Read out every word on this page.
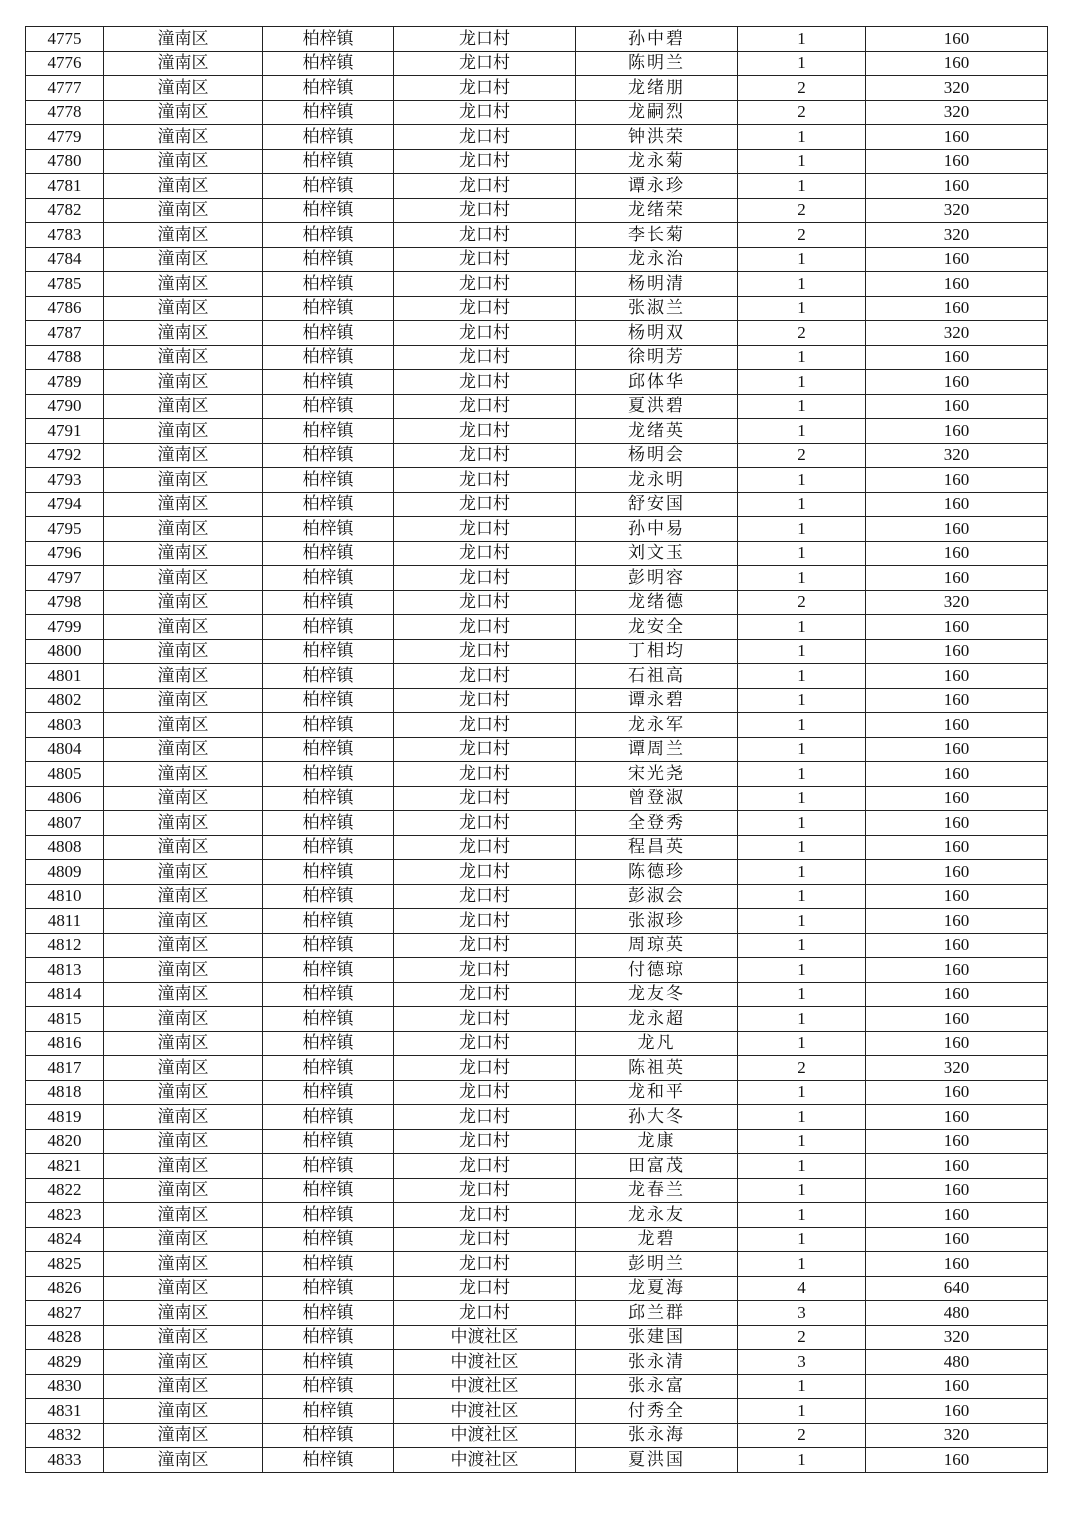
4775	潼南区	柏梓镇	龙口村	孙中碧	1	160
4776	潼南区	柏梓镇	龙口村	陈明兰	1	160
4777	潼南区	柏梓镇	龙口村	龙绪朋	2	320
4778	潼南区	柏梓镇	龙口村	龙嗣烈	2	320
4779	潼南区	柏梓镇	龙口村	钟洪荣	1	160
4780	潼南区	柏梓镇	龙口村	龙永菊	1	160
4781	潼南区	柏梓镇	龙口村	谭永珍	1	160
4782	潼南区	柏梓镇	龙口村	龙绪荣	2	320
4783	潼南区	柏梓镇	龙口村	李长菊	2	320
4784	潼南区	柏梓镇	龙口村	龙永治	1	160
4785	潼南区	柏梓镇	龙口村	杨明清	1	160
4786	潼南区	柏梓镇	龙口村	张淑兰	1	160
4787	潼南区	柏梓镇	龙口村	杨明双	2	320
4788	潼南区	柏梓镇	龙口村	徐明芳	1	160
4789	潼南区	柏梓镇	龙口村	邱体华	1	160
4790	潼南区	柏梓镇	龙口村	夏洪碧	1	160
4791	潼南区	柏梓镇	龙口村	龙绪英	1	160
4792	潼南区	柏梓镇	龙口村	杨明会	2	320
4793	潼南区	柏梓镇	龙口村	龙永明	1	160
4794	潼南区	柏梓镇	龙口村	舒安国	1	160
4795	潼南区	柏梓镇	龙口村	孙中易	1	160
4796	潼南区	柏梓镇	龙口村	刘文玉	1	160
4797	潼南区	柏梓镇	龙口村	彭明容	1	160
4798	潼南区	柏梓镇	龙口村	龙绪德	2	320
4799	潼南区	柏梓镇	龙口村	龙安全	1	160
4800	潼南区	柏梓镇	龙口村	丁相均	1	160
4801	潼南区	柏梓镇	龙口村	石祖高	1	160
4802	潼南区	柏梓镇	龙口村	谭永碧	1	160
4803	潼南区	柏梓镇	龙口村	龙永军	1	160
4804	潼南区	柏梓镇	龙口村	谭周兰	1	160
4805	潼南区	柏梓镇	龙口村	宋光尧	1	160
4806	潼南区	柏梓镇	龙口村	曾登淑	1	160
4807	潼南区	柏梓镇	龙口村	全登秀	1	160
4808	潼南区	柏梓镇	龙口村	程昌英	1	160
4809	潼南区	柏梓镇	龙口村	陈德珍	1	160
4810	潼南区	柏梓镇	龙口村	彭淑会	1	160
4811	潼南区	柏梓镇	龙口村	张淑珍	1	160
4812	潼南区	柏梓镇	龙口村	周琼英	1	160
4813	潼南区	柏梓镇	龙口村	付德琼	1	160
4814	潼南区	柏梓镇	龙口村	龙友冬	1	160
4815	潼南区	柏梓镇	龙口村	龙永超	1	160
4816	潼南区	柏梓镇	龙口村	龙凡	1	160
4817	潼南区	柏梓镇	龙口村	陈祖英	2	320
4818	潼南区	柏梓镇	龙口村	龙和平	1	160
4819	潼南区	柏梓镇	龙口村	孙大冬	1	160
4820	潼南区	柏梓镇	龙口村	龙康	1	160
4821	潼南区	柏梓镇	龙口村	田富茂	1	160
4822	潼南区	柏梓镇	龙口村	龙春兰	1	160
4823	潼南区	柏梓镇	龙口村	龙永友	1	160
4824	潼南区	柏梓镇	龙口村	龙碧	1	160
4825	潼南区	柏梓镇	龙口村	彭明兰	1	160
4826	潼南区	柏梓镇	龙口村	龙夏海	4	640
4827	潼南区	柏梓镇	龙口村	邱兰群	3	480
4828	潼南区	柏梓镇	中渡社区	张建国	2	320
4829	潼南区	柏梓镇	中渡社区	张永清	3	480
4830	潼南区	柏梓镇	中渡社区	张永富	1	160
4831	潼南区	柏梓镇	中渡社区	付秀全	1	160
4832	潼南区	柏梓镇	中渡社区	张永海	2	320
4833	潼南区	柏梓镇	中渡社区	夏洪国	1	160
